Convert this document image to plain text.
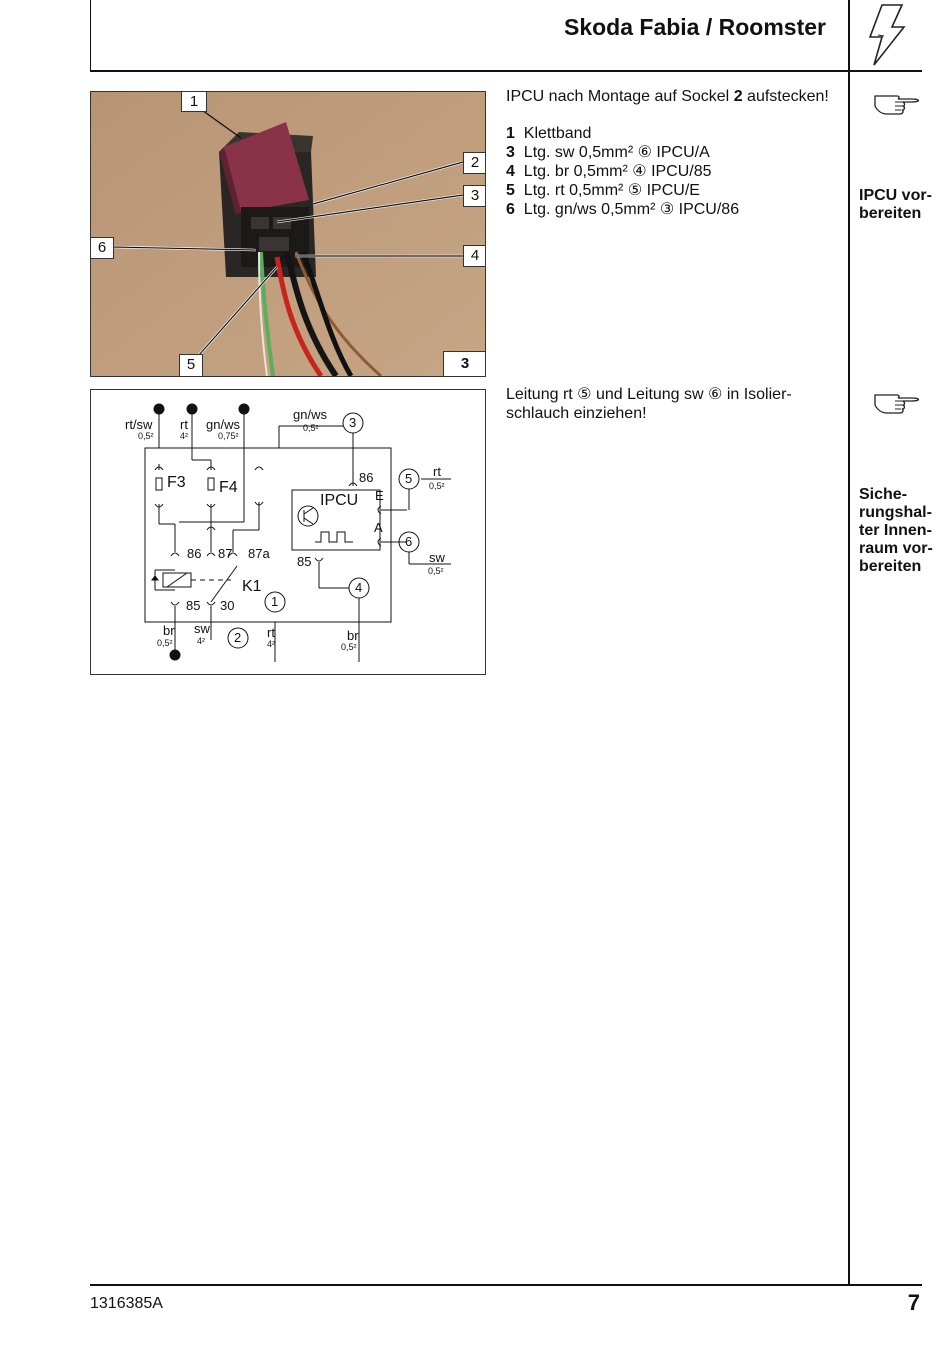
Skoda Fabia / Roomster
1
2
3
4
6
5	3
IPCU nach Montage auf Sockel 2 aufstecken!
1 Klettband
3 Ltg. sw 0,5mm² ⑥ IPCU/A
4 Ltg. br 0,5mm² ④ IPCU/85
5 Ltg. rt 0,5mm² ⑤ IPCU/E
6 Ltg. gn/ws 0,5mm² ③ IPCU/86
IPCU vor-
bereiten
Siche-
rungshal-
ter Innen-
raum vor-
bereiten
Leitung rt ⑤ und Leitung sw ⑥ in Isolier-
schlauch einziehen!
rt/sw
0,5²
rt
4²
gn/ws
0,75²
gn/ws
0,5² 3
F3 F4
86 87 87a
85 30
K1
1
IPCU
86
E
A
85
5 rt
0,5²
6
sw
0,5²
4
br
0,5²
br
0,5²
sw
4² 2 rt
4²
1316385A	7
